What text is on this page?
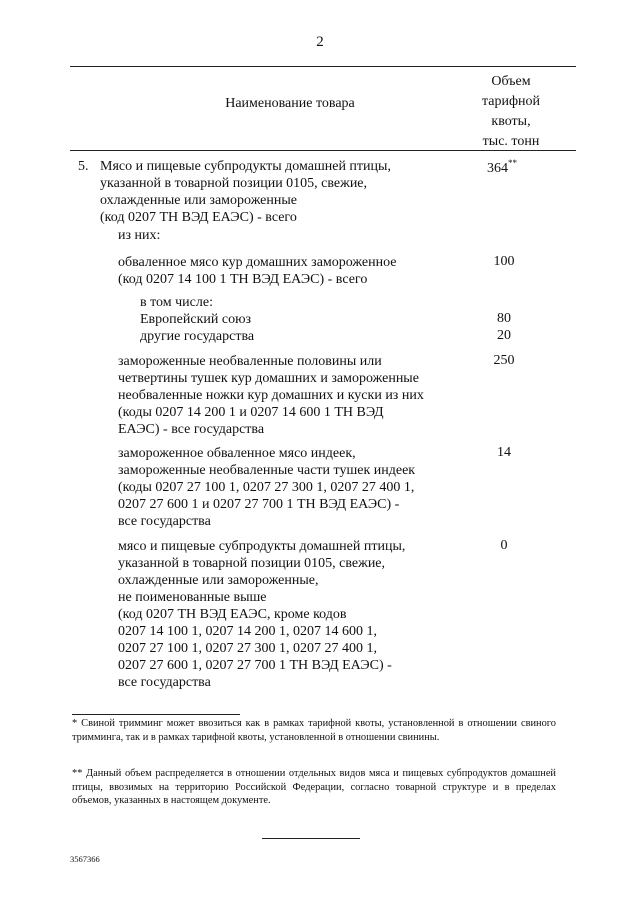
2
Наименование товара
Объем
тарифной
квоты,
тыс. тонн
5. Мясо и пищевые субпродукты домашней птицы,
указанной в товарной позиции 0105, свежие,
охлажденные или замороженные
(код 0207 ТН ВЭД ЕАЭС) - всего
364**
из них:
обваленное мясо кур домашних замороженное
(код 0207 14 100 1 ТН ВЭД ЕАЭС) - всего
100
в том числе:
Европейский союз	80
другие государства	20
замороженные необваленные половины или
четвертины тушек кур домашних и замороженные
необваленные ножки кур домашних и куски из них
(коды 0207 14 200 1 и 0207 14 600 1 ТН ВЭД
ЕАЭС) - все государства
250
замороженное обваленное мясо индеек,
замороженные необваленные части тушек индеек
(коды 0207 27 100 1, 0207 27 300 1, 0207 27 400 1,
0207 27 600 1 и 0207 27 700 1 ТН ВЭД ЕАЭС) -
все государства
14
мясо и пищевые субпродукты домашней птицы,
указанной в товарной позиции 0105, свежие,
охлажденные или замороженные,
не поименованные выше
(код 0207 ТН ВЭД ЕАЭС, кроме кодов
0207 14 100 1, 0207 14 200 1, 0207 14 600 1,
0207 27 100 1, 0207 27 300 1, 0207 27 400 1,
0207 27 600 1, 0207 27 700 1 ТН ВЭД ЕАЭС) -
все государства
0
* Свиной тримминг может ввозиться как в рамках тарифной квоты, установленной в отношении свиного тримминга, так и в рамках тарифной квоты, установленной в отношении свинины.
** Данный объем распределяется в отношении отдельных видов мяса и пищевых субпродуктов домашней птицы, ввозимых на территорию Российской Федерации, согласно товарной структуре и в пределах объемов, указанных в настоящем документе.
3567366
